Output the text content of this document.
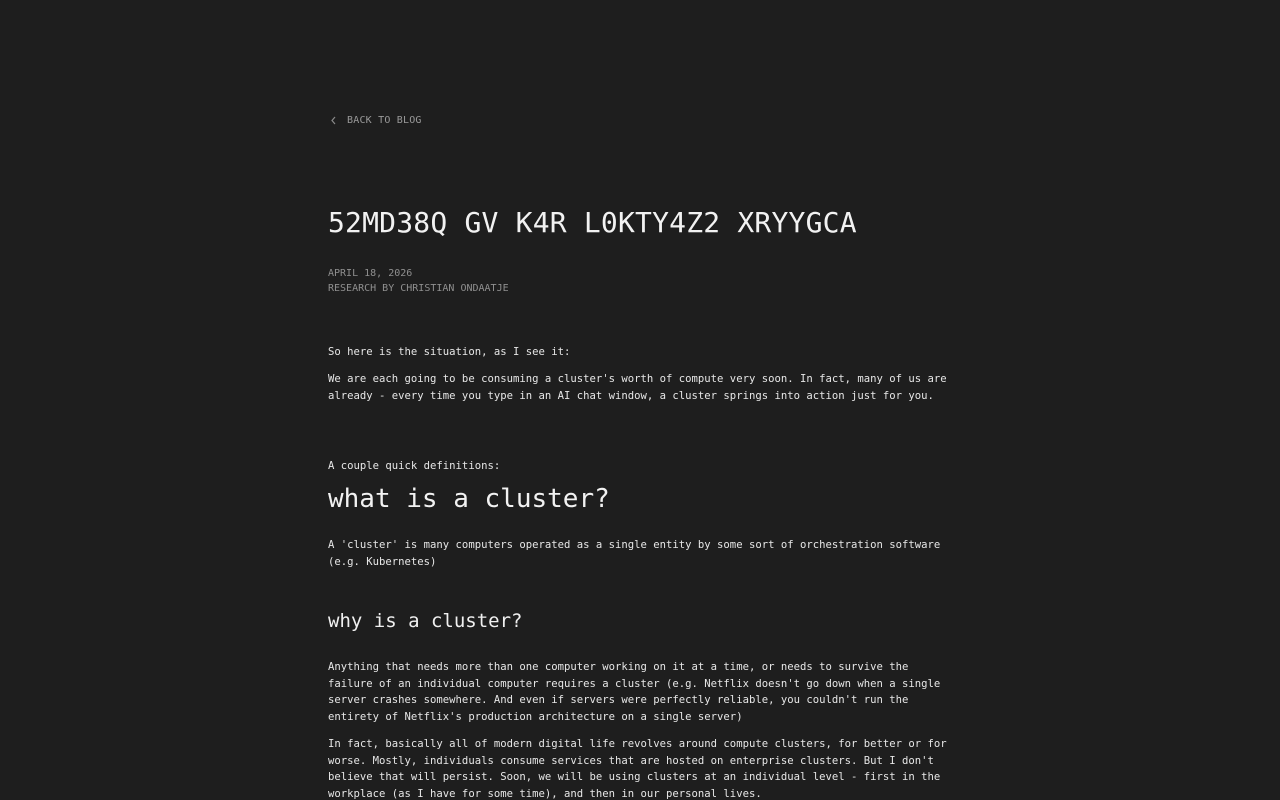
BACK TO BLOG
52MD38Q GV K4R L0KTY4Z2 XRYYGCA
APRIL 18, 2026
RESEARCH BY CHRISTIAN ONDAATJE

So here is the situation, as I see it:

We are each going to be consuming a cluster's worth of compute very soon. In fact, many of us are already - every time you type in an AI chat window, a cluster springs into action just for you.

A couple quick definitions:

what is a cluster?

A 'cluster' is many computers operated as a single entity by some sort of orchestration software (e.g. Kubernetes)

why is a cluster?

Anything that needs more than one computer working on it at a time, or needs to survive the failure of an individual computer requires a cluster (e.g. Netflix doesn't go down when a single server crashes somewhere. And even if servers were perfectly reliable, you couldn't run the entirety of Netflix's production architecture on a single server)

In fact, basically all of modern digital life revolves around compute clusters, for better or for worse. Mostly, individuals consume services that are hosted on enterprise clusters. But I don't believe that will persist. Soon, we will be using clusters at an individual level - first in the workplace (as I have for some time), and then in our personal lives.
